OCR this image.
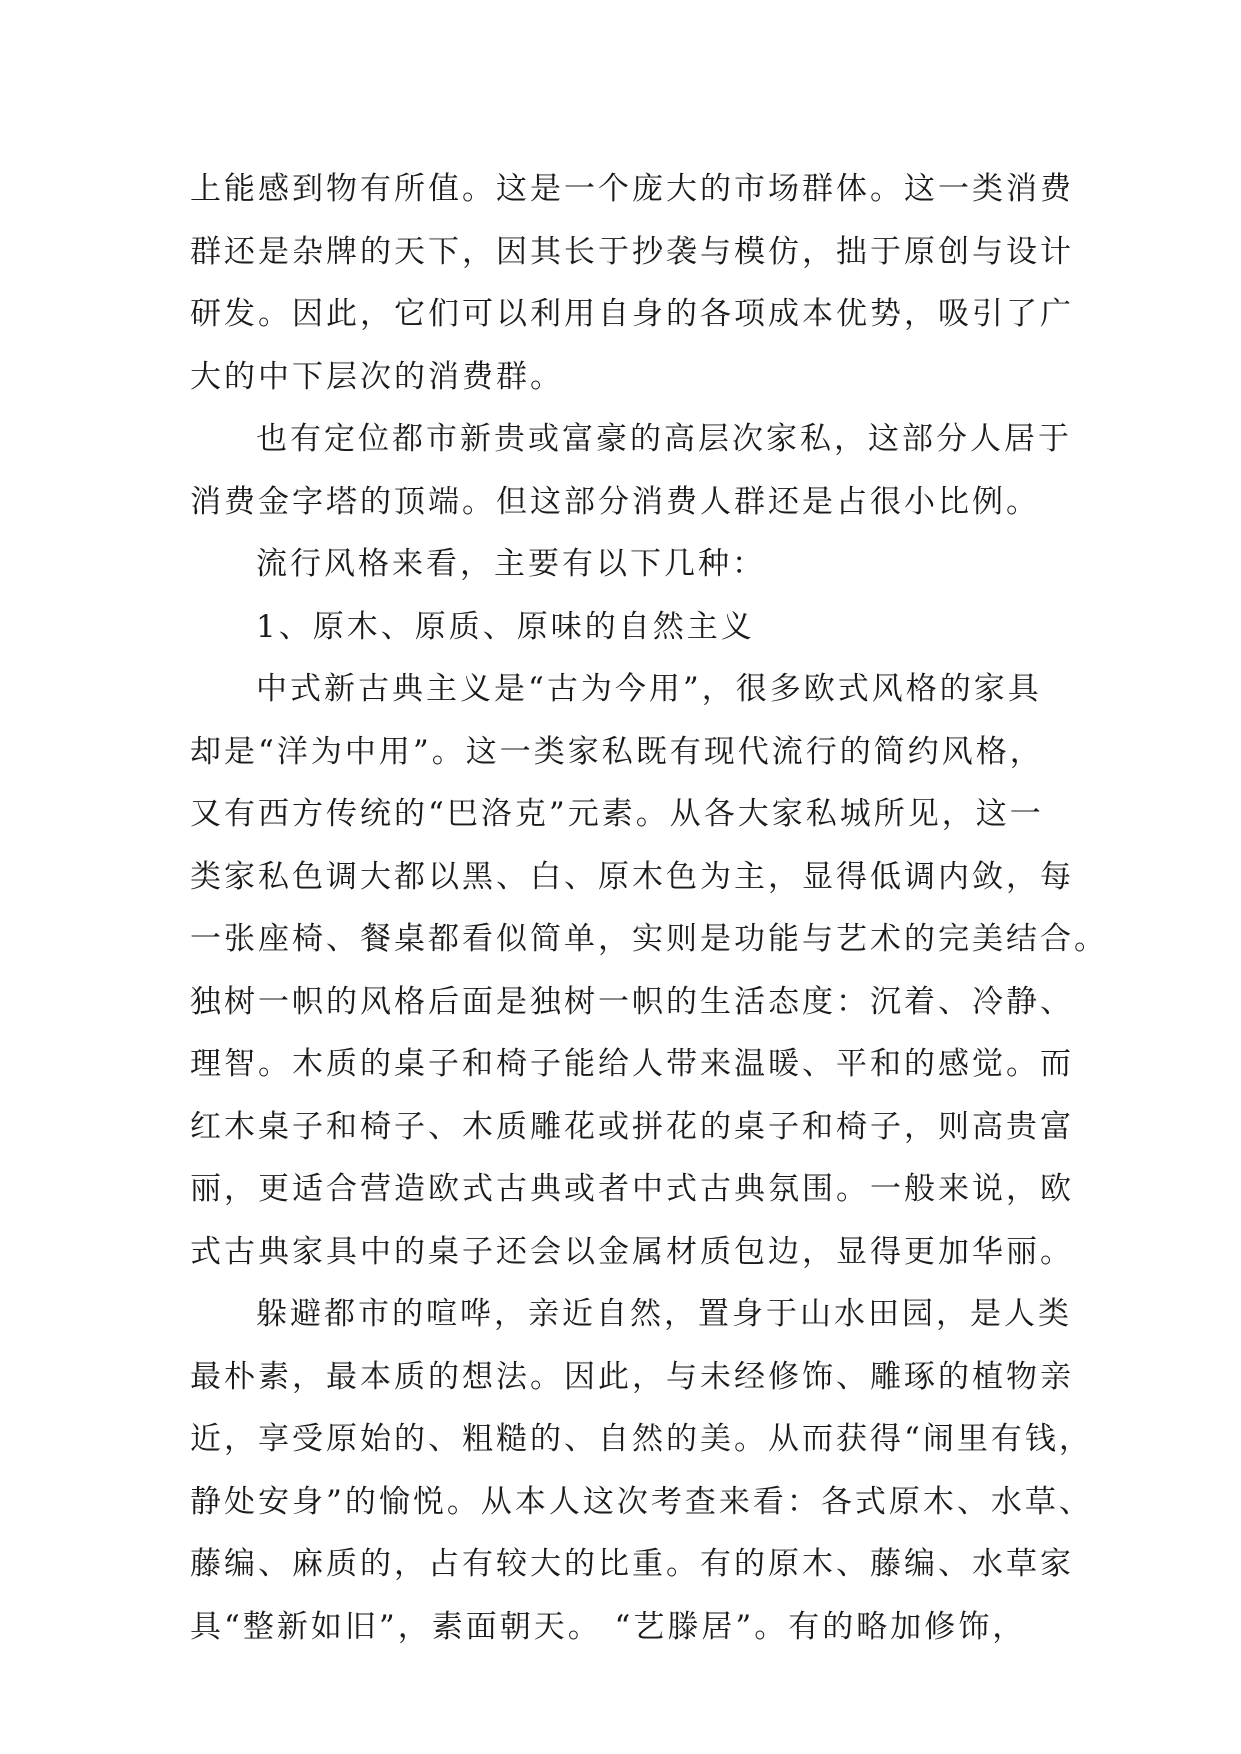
上能感到物有所值。这是一个庞大的市场群体。这一类消费
群还是杂牌的天下，因其长于抄袭与模仿，拙于原创与设计
研发。因此，它们可以利用自身的各项成本优势，吸引了广
大的中下层次的消费群。
也有定位都市新贵或富豪的高层次家私，这部分人居于
消费金字塔的顶端。但这部分消费人群还是占很小比例。
流行风格来看，主要有以下几种：
1、原木、原质、原味的自然主义
中式新古典主义是“古为今用”，很多欧式风格的家具
却是“洋为中用”。这一类家私既有现代流行的简约风格，
又有西方传统的“巴洛克”元素。从各大家私城所见，这一
类家私色调大都以黑、白、原木色为主，显得低调内敛，每
一张座椅、餐桌都看似简单，实则是功能与艺术的完美结合。
独树一帜的风格后面是独树一帜的生活态度：沉着、冷静、
理智。木质的桌子和椅子能给人带来温暖、平和的感觉。而
红木桌子和椅子、木质雕花或拼花的桌子和椅子，则高贵富
丽，更适合营造欧式古典或者中式古典氛围。一般来说，欧
式古典家具中的桌子还会以金属材质包边，显得更加华丽。
躲避都市的喧哗，亲近自然，置身于山水田园，是人类
最朴素，最本质的想法。因此，与未经修饰、雕琢的植物亲
近，享受原始的、粗糙的、自然的美。从而获得“闹里有钱，
静处安身”的愉悦。从本人这次考查来看：各式原木、水草、
藤编、麻质的，占有较大的比重。有的原木、藤编、水草家
具“整新如旧”，素面朝天。 “艺滕居”。有的略加修饰，
